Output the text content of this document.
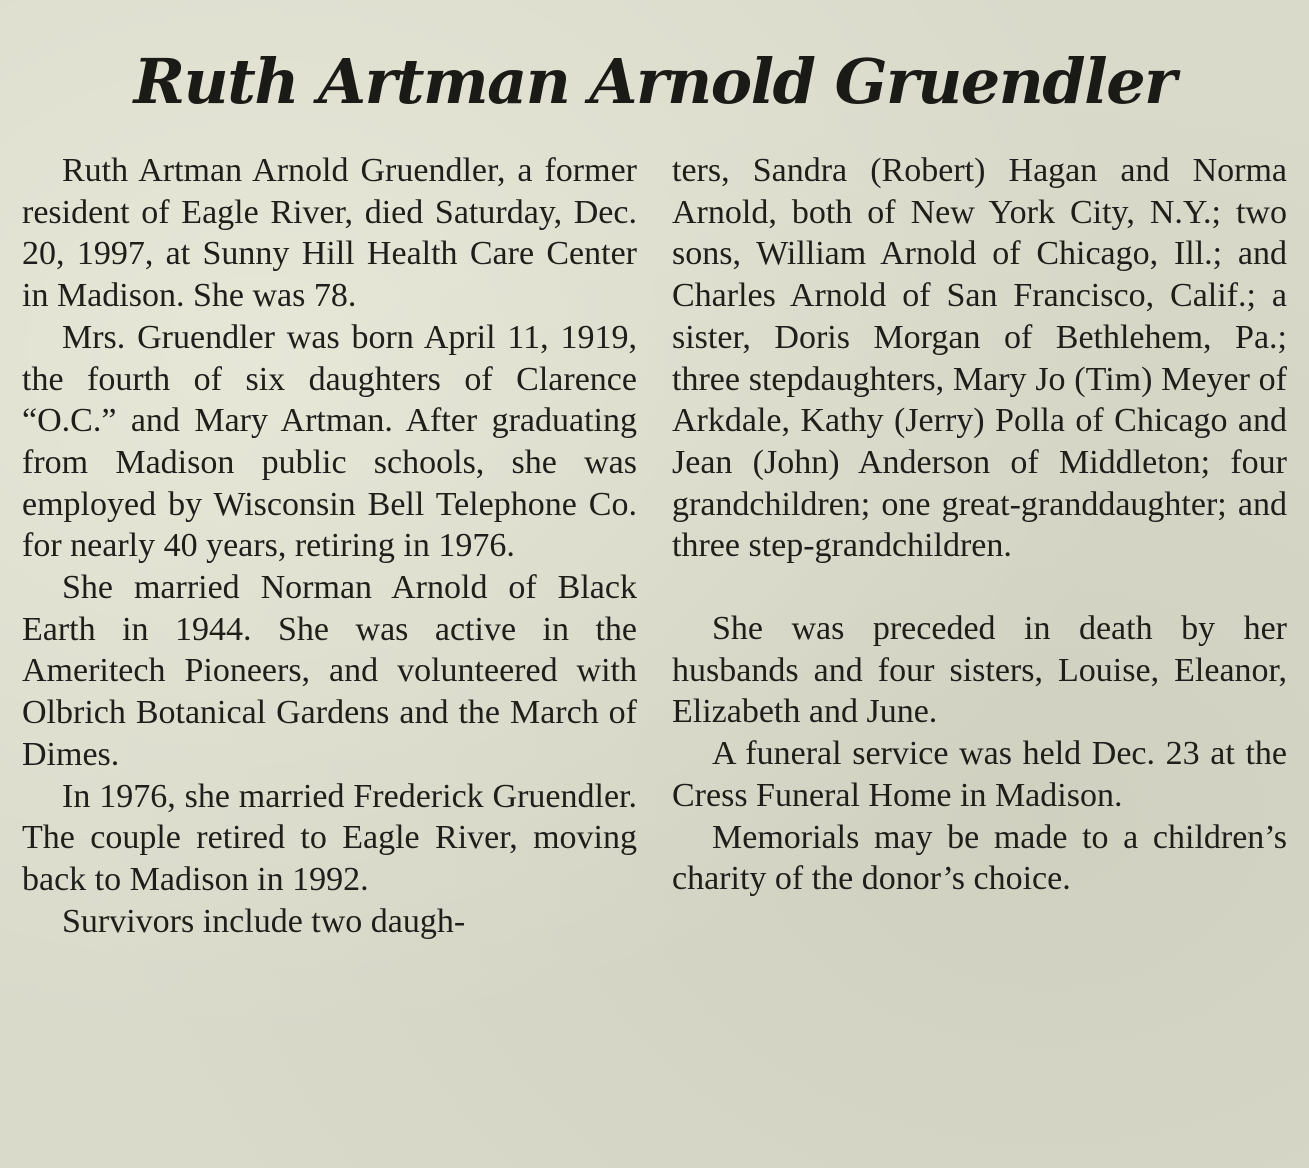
Ruth Artman Arnold Gruendler

Ruth Artman Arnold Gruendler, a former resident of Eagle River, died Saturday, Dec. 20, 1997, at Sunny Hill Health Care Center in Madison. She was 78.

Mrs. Gruendler was born April 11, 1919, the fourth of six daughters of Clarence “O.C.” and Mary Artman. After graduating from Madison public schools, she was employed by Wisconsin Bell Telephone Co. for nearly 40 years, retiring in 1976.

She married Norman Arnold of Black Earth in 1944. She was active in the Ameritech Pioneers, and volunteered with Olbrich Botanical Gardens and the March of Dimes.

In 1976, she married Frederick Gruendler. The couple retired to Eagle River, moving back to Madison in 1992.

Survivors include two daugh-

ters, Sandra (Robert) Hagan and Norma Arnold, both of New York City, N.Y.; two sons, William Arnold of Chicago, Ill.; and Charles Arnold of San Francisco, Calif.; a sister, Doris Morgan of Bethlehem, Pa.; three stepdaughters, Mary Jo (Tim) Meyer of Arkdale, Kathy (Jerry) Polla of Chicago and Jean (John) Anderson of Middleton; four grandchildren; one great-granddaughter; and three step-grandchildren.

She was preceded in death by her husbands and four sisters, Louise, Eleanor, Elizabeth and June.

A funeral service was held Dec. 23 at the Cress Funeral Home in Madison.

Memorials may be made to a children’s charity of the donor’s choice.
